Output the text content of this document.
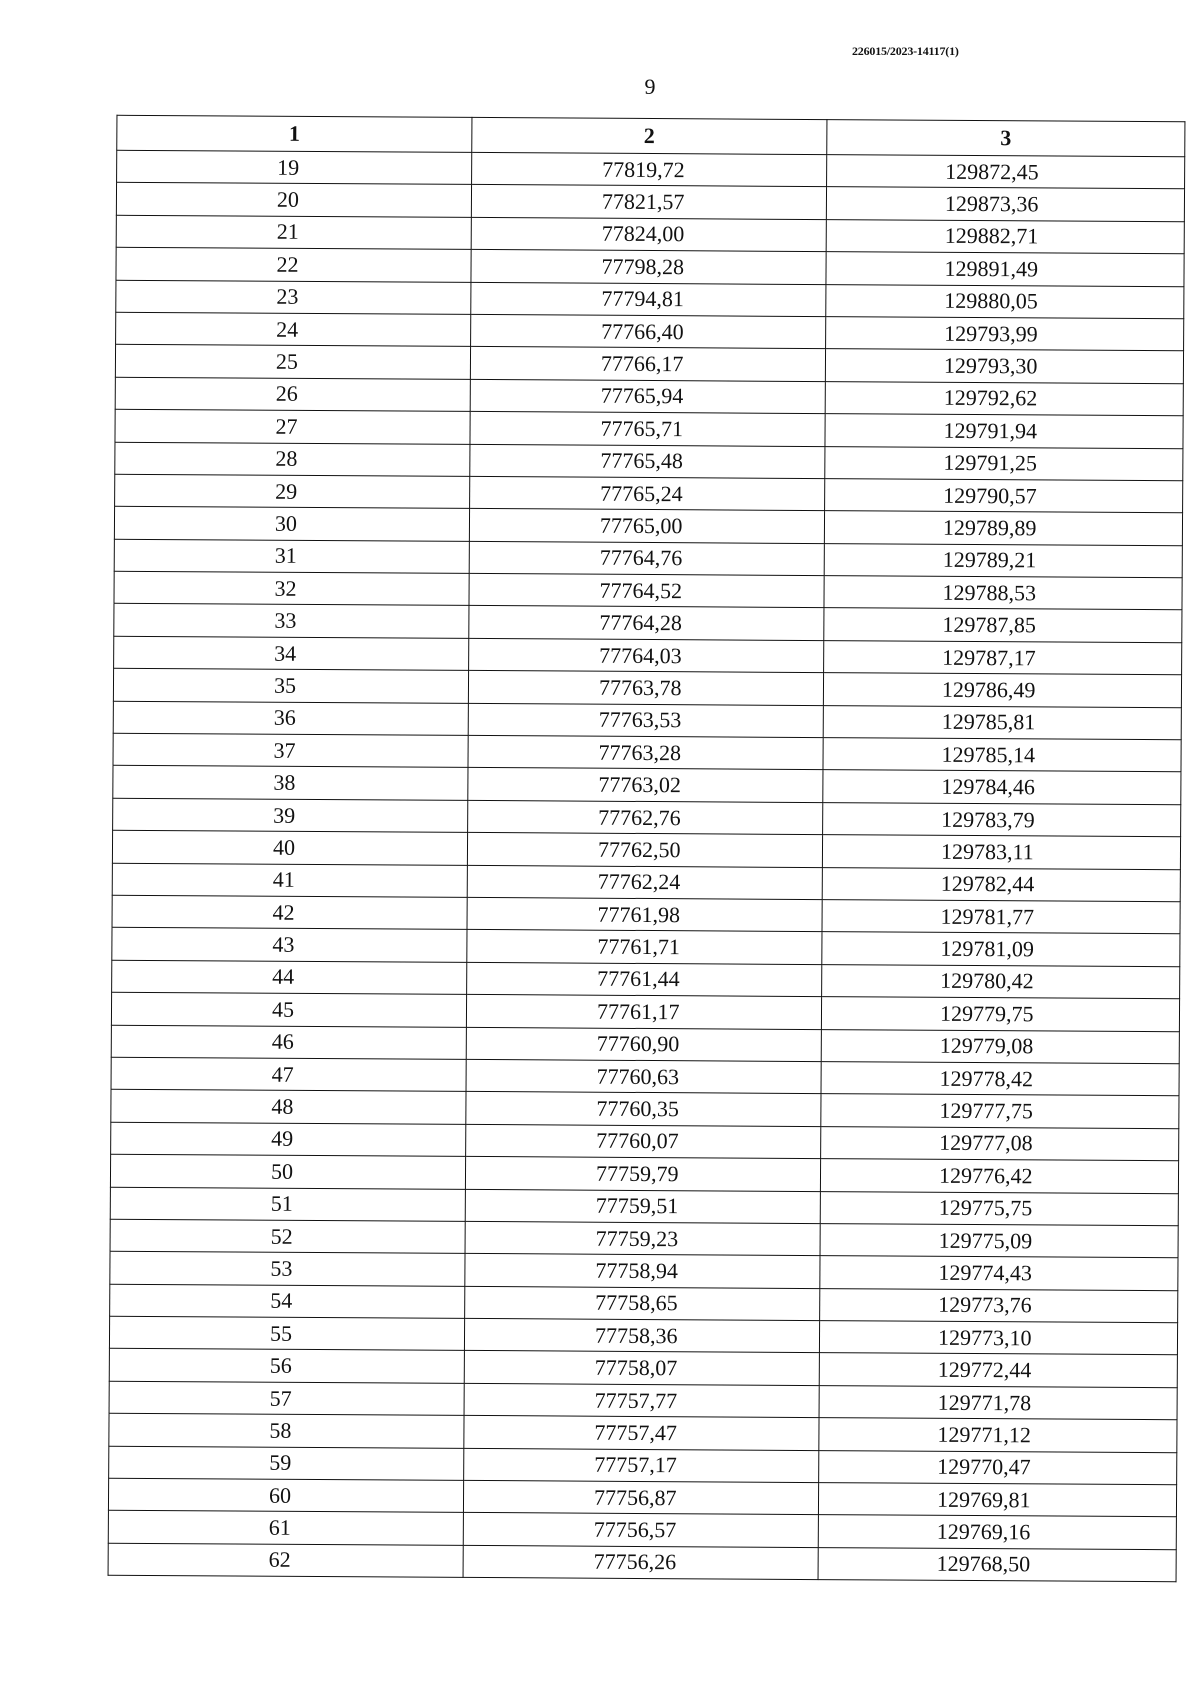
226015/2023-14117(1)
9
1	2	3
19	77819,72	129872,45
20	77821,57	129873,36
21	77824,00	129882,71
22	77798,28	129891,49
23	77794,81	129880,05
24	77766,40	129793,99
25	77766,17	129793,30
26	77765,94	129792,62
27	77765,71	129791,94
28	77765,48	129791,25
29	77765,24	129790,57
30	77765,00	129789,89
31	77764,76	129789,21
32	77764,52	129788,53
33	77764,28	129787,85
34	77764,03	129787,17
35	77763,78	129786,49
36	77763,53	129785,81
37	77763,28	129785,14
38	77763,02	129784,46
39	77762,76	129783,79
40	77762,50	129783,11
41	77762,24	129782,44
42	77761,98	129781,77
43	77761,71	129781,09
44	77761,44	129780,42
45	77761,17	129779,75
46	77760,90	129779,08
47	77760,63	129778,42
48	77760,35	129777,75
49	77760,07	129777,08
50	77759,79	129776,42
51	77759,51	129775,75
52	77759,23	129775,09
53	77758,94	129774,43
54	77758,65	129773,76
55	77758,36	129773,10
56	77758,07	129772,44
57	77757,77	129771,78
58	77757,47	129771,12
59	77757,17	129770,47
60	77756,87	129769,81
61	77756,57	129769,16
62	77756,26	129768,50
